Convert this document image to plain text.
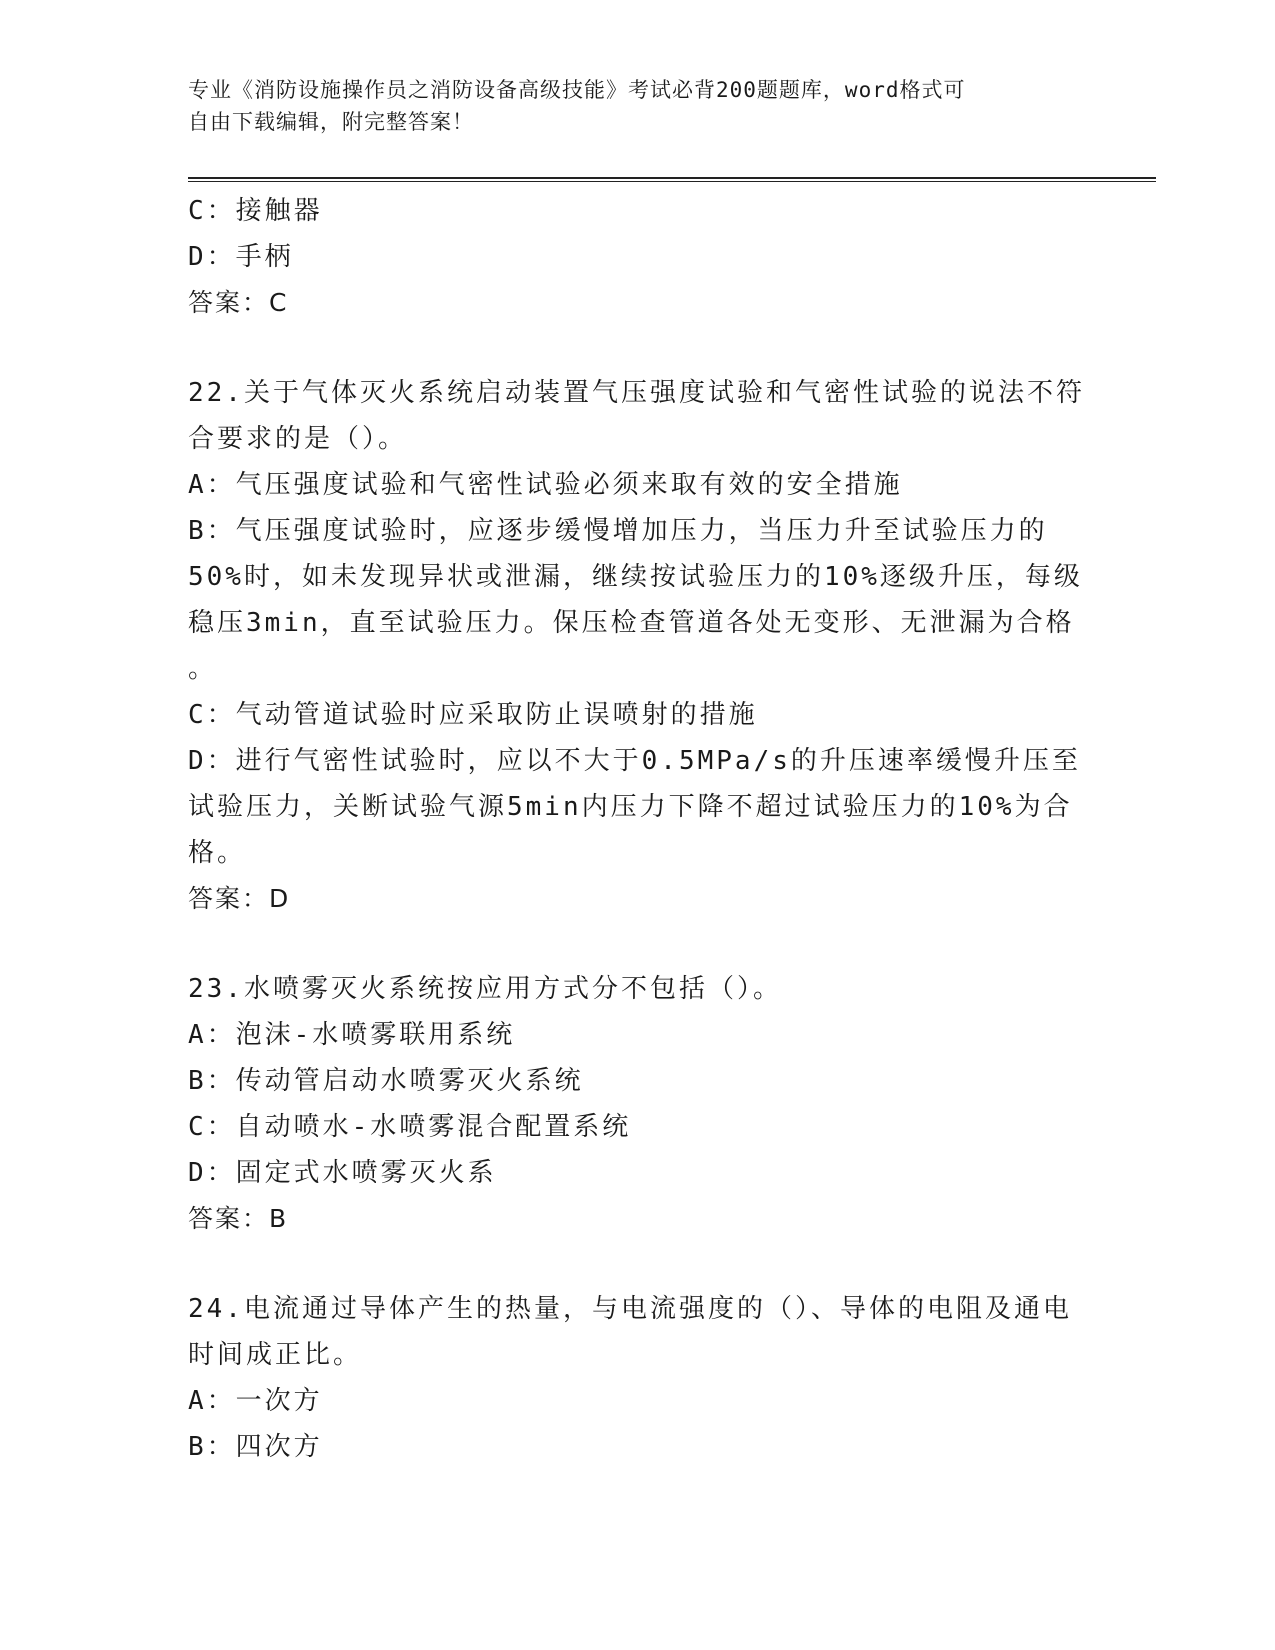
专业《消防设施操作员之消防设备高级技能》考试必背200题题库，word格式可
自由下载编辑，附完整答案！
C：接触器
D：手柄
答案：C
22.关于气体灭火系统启动装置气压强度试验和气密性试验的说法不符
合要求的是（）。
A：气压强度试验和气密性试验必须来取有效的安全措施
B：气压强度试验时，应逐步缓慢增加压力，当压力升至试验压力的
50%时，如未发现异状或泄漏，继续按试验压力的10%逐级升压，每级
稳压3min，直至试验压力。保压检查管道各处无变形、无泄漏为合格
。
C：气动管道试验时应采取防止误喷射的措施
D：进行气密性试验时，应以不大于0.5MPa/s的升压速率缓慢升压至
试验压力，关断试验气源5min内压力下降不超过试验压力的10%为合
格。
答案：D
23.水喷雾灭火系统按应用方式分不包括（）。
A：泡沫-水喷雾联用系统
B：传动管启动水喷雾灭火系统
C：自动喷水-水喷雾混合配置系统
D：固定式水喷雾灭火系
答案：B
24.电流通过导体产生的热量，与电流强度的（）、导体的电阻及通电
时间成正比。
A：一次方
B：四次方
